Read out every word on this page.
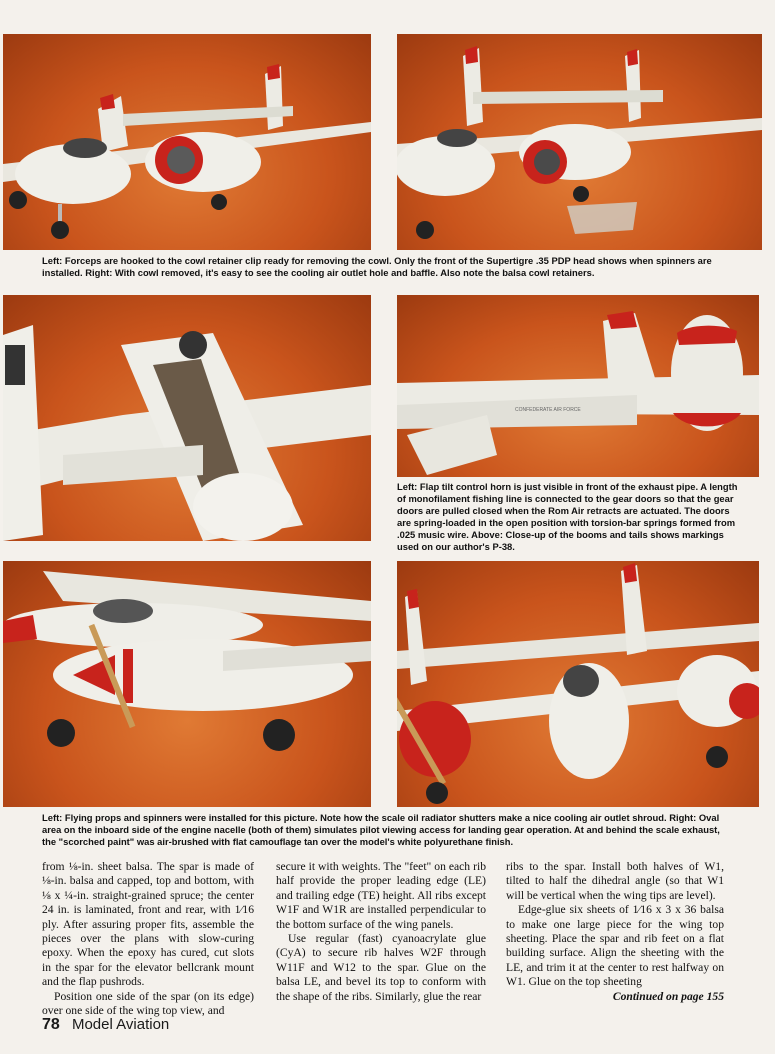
Left: Forceps are hooked to the cowl retainer clip ready for removing the cowl. Only the front of the Supertigre .35 PDP head shows when spinners are installed. Right: With cowl removed, it's easy to see the cooling air outlet hole and baffle. Also note the balsa cowl retainers.
CONFEDERATE AIR FORCE
Left: Flap tilt control horn is just visible in front of the exhaust pipe. A length of monofilament fishing line is connected to the gear doors so that the gear doors are pulled closed when the Rom Air retracts are actuated. The doors are spring-loaded in the open position with torsion-bar springs formed from .025 music wire. Above: Close-up of the booms and tails shows markings used on our author's P-38.
Left: Flying props and spinners were installed for this picture. Note how the scale oil radiator shutters make a nice cooling air outlet shroud. Right: Oval area on the inboard side of the engine nacelle (both of them) simulates pilot viewing access for landing gear operation. At and behind the scale exhaust, the "scorched paint" was air-brushed with flat camouflage tan over the model's white polyurethane finish.

from ⅛-in. sheet balsa. The spar is made of ⅛-in. balsa and capped, top and bottom, with ⅛ x ¼-in. straight-grained spruce; the center 24 in. is laminated, front and rear, with 1⁄16 ply. After assuring proper fits, assemble the pieces over the plans with slow-curing epoxy. When the epoxy has cured, cut slots in the spar for the elevator bellcrank mount and the flap pushrods.

Position one side of the spar (on its edge) over one side of the wing top view, and

secure it with weights. The "feet" on each rib half provide the proper leading edge (LE) and trailing edge (TE) height. All ribs except W1F and W1R are installed perpendicular to the bottom surface of the wing panels.

Use regular (fast) cyanoacrylate glue (CyA) to secure rib halves W2F through W11F and W12 to the spar. Glue on the balsa LE, and bevel its top to conform with the shape of the ribs. Similarly, glue the rear

ribs to the spar. Install both halves of W1, tilted to half the dihedral angle (so that W1 will be vertical when the wing tips are level).

Edge-glue six sheets of 1⁄16 x 3 x 36 balsa to make one large piece for the wing top sheeting. Place the spar and rib feet on a flat building surface. Align the sheeting with the LE, and trim it at the center to rest halfway on W1. Glue on the top sheeting

Continued on page 155
78 Model Aviation
